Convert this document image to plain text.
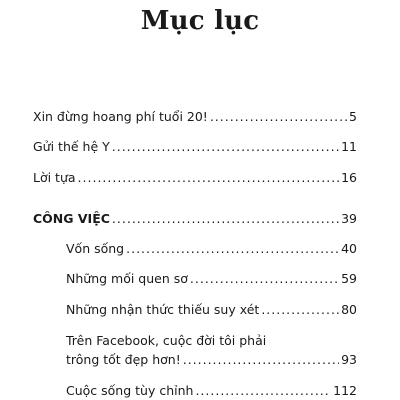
Mục lục
Xin đừng hoang phí tuổi 20! .....	5
Gửi thế hệ Y .....	11
Lời tựa .....	16
CÔNG VIỆC .....	39
Vốn sống .....	40
Những mối quen sơ .....	59
Những nhận thức thiếu suy xét .....	80
Trên Facebook, cuộc đời tôi phải
trông tốt đẹp hơn! .....	93
Cuộc sống tùy chỉnh .....	112
